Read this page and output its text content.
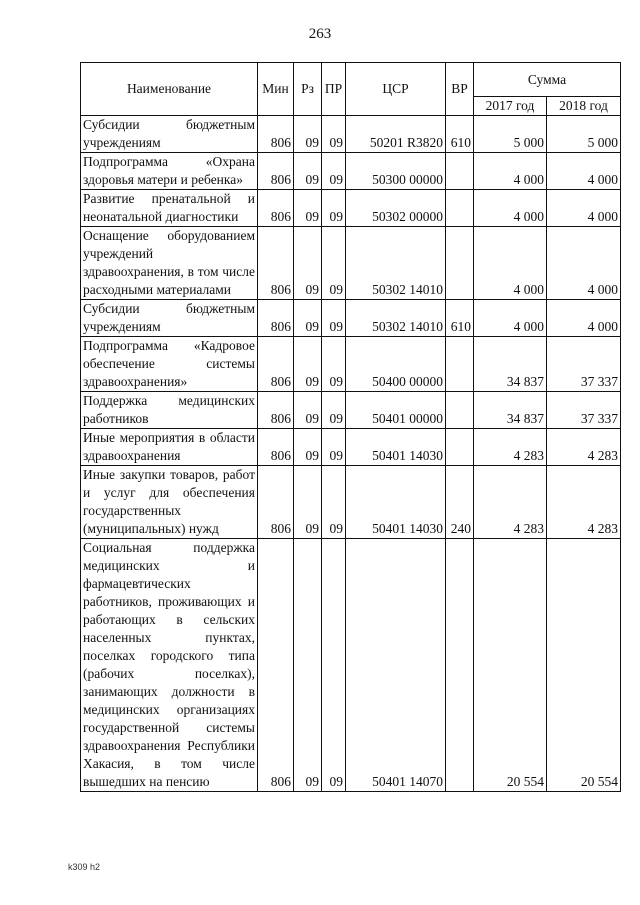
263
Наименование	Мин	Рз	ПР	ЦСР	ВР	Сумма	
						2017 год	2018 год
Субсидии бюджетным учреждениям	806	09	09	50201 R3820	610	5 000	5 000
Подпрограмма «Охрана здоровья матери и ребенка»	806	09	09	50300 00000		4 000	4 000
Развитие пренатальной и неонатальной диагностики	806	09	09	50302 00000		4 000	4 000
Оснащение оборудованием учреждений здравоохранения, в том числе расходными материалами	806	09	09	50302 14010		4 000	4 000
Субсидии бюджетным учреждениям	806	09	09	50302 14010	610	4 000	4 000
Подпрограмма «Кадровое обеспечение системы здравоохранения»	806	09	09	50400 00000		34 837	37 337
Поддержка медицинских работников	806	09	09	50401 00000		34 837	37 337
Иные мероприятия в области здравоохранения	806	09	09	50401 14030		4 283	4 283
Иные закупки товаров, работ и услуг для обеспечения государственных (муниципальных) нужд	806	09	09	50401 14030	240	4 283	4 283
Социальная поддержка медицинских и фармацевтических работников, проживающих и работающих в сельских населенных пунктах, поселках городского типа (рабочих поселках), занимающих должности в медицинских организациях государственной системы здравоохранения Республики Хакасия, в том числе вышедших на пенсию	806	09	09	50401 14070		20 554	20 554
k309 h2
